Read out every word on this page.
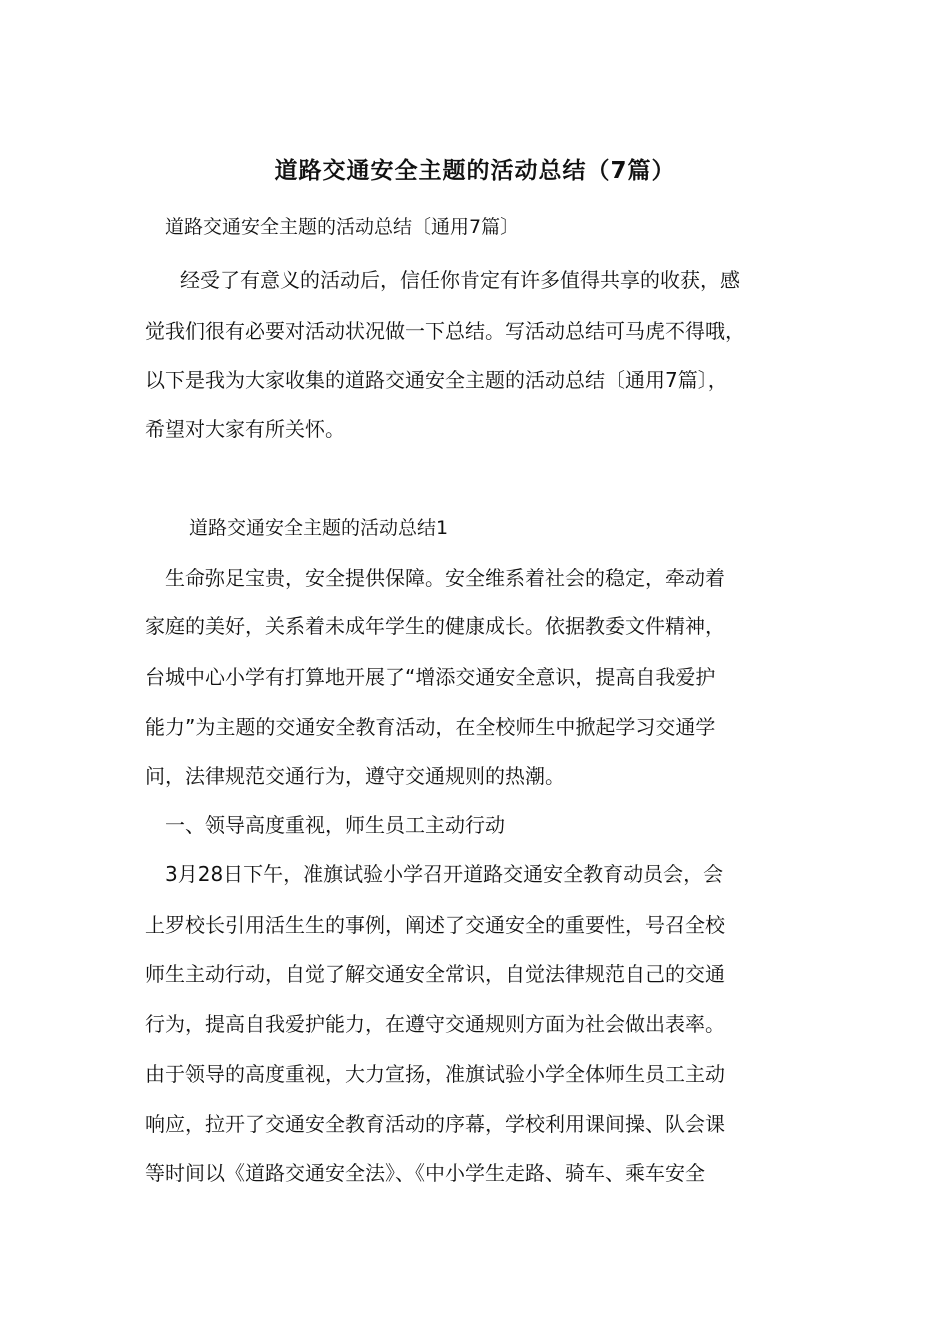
道路交通安全主题的活动总结（7篇）
道路交通安全主题的活动总结〔通用7篇〕
经受了有意义的活动后，信任你肯定有许多值得共享的收获，感
觉我们很有必要对活动状况做一下总结。写活动总结可马虎不得哦，
以下是我为大家收集的道路交通安全主题的活动总结〔通用7篇〕，
希望对大家有所关怀。
道路交通安全主题的活动总结1
生命弥足宝贵，安全提供保障。安全维系着社会的稳定，牵动着
家庭的美好，关系着未成年学生的健康成长。依据教委文件精神，
台城中心小学有打算地开展了“增添交通安全意识，提高自我爱护
能力”为主题的交通安全教育活动，在全校师生中掀起学习交通学
问，法律规范交通行为，遵守交通规则的热潮。
一、领导高度重视，师生员工主动行动
3月28日下午，准旗试验小学召开道路交通安全教育动员会，会
上罗校长引用活生生的事例，阐述了交通安全的重要性，号召全校
师生主动行动，自觉了解交通安全常识，自觉法律规范自己的交通
行为，提高自我爱护能力，在遵守交通规则方面为社会做出表率。
由于领导的高度重视，大力宣扬，准旗试验小学全体师生员工主动
响应，拉开了交通安全教育活动的序幕，学校利用课间操、队会课
等时间以《道路交通安全法》、《中小学生走路、骑车、乘车安全
